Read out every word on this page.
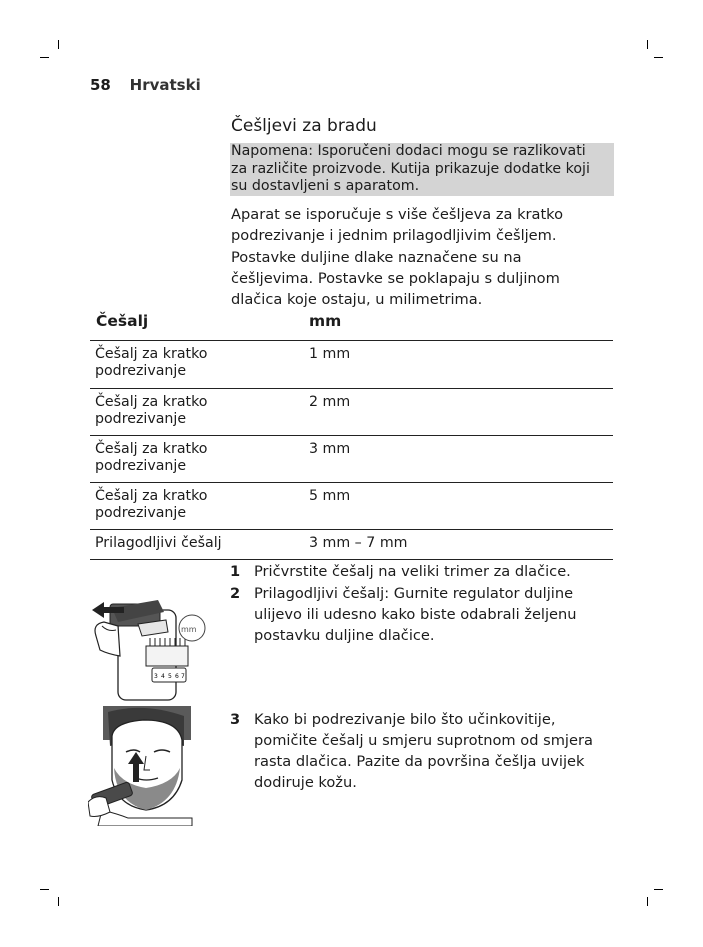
58 Hrvatski
Češljevi za bradu
Napomena: Isporučeni dodaci mogu se razlikovati
za različite proizvode. Kutija prikazuje dodatke koji
su dostavljeni s aparatom.
Aparat se isporučuje s više češljeva za kratko
podrezivanje i jednim prilagodljivim češljem.
Postavke duljine dlake naznačene su na
češljevima. Postavke se poklapaju s duljinom
dlačica koje ostaju, u milimetrima.
Češalj	mm
Češalj za kratko
podrezivanje
1 mm
Češalj za kratko
podrezivanje
2 mm
Češalj za kratko
podrezivanje
3 mm
Češalj za kratko
podrezivanje
5 mm
Prilagodljivi češalj	3 mm – 7 mm
1 Pričvrstite češalj na veliki trimer za dlačice.
2 Prilagodljivi češalj: Gurnite regulator duljine
ulijevo ili udesno kako biste odabrali željenu
postavku duljine dlačice.
3 Kako bi podrezivanje bilo što učinkovitije,
pomičite češalj u smjeru suprotnom od smjera
rasta dlačica. Pazite da površina češlja uvijek
dodiruje kožu.
3 4 5 6 7
mm
